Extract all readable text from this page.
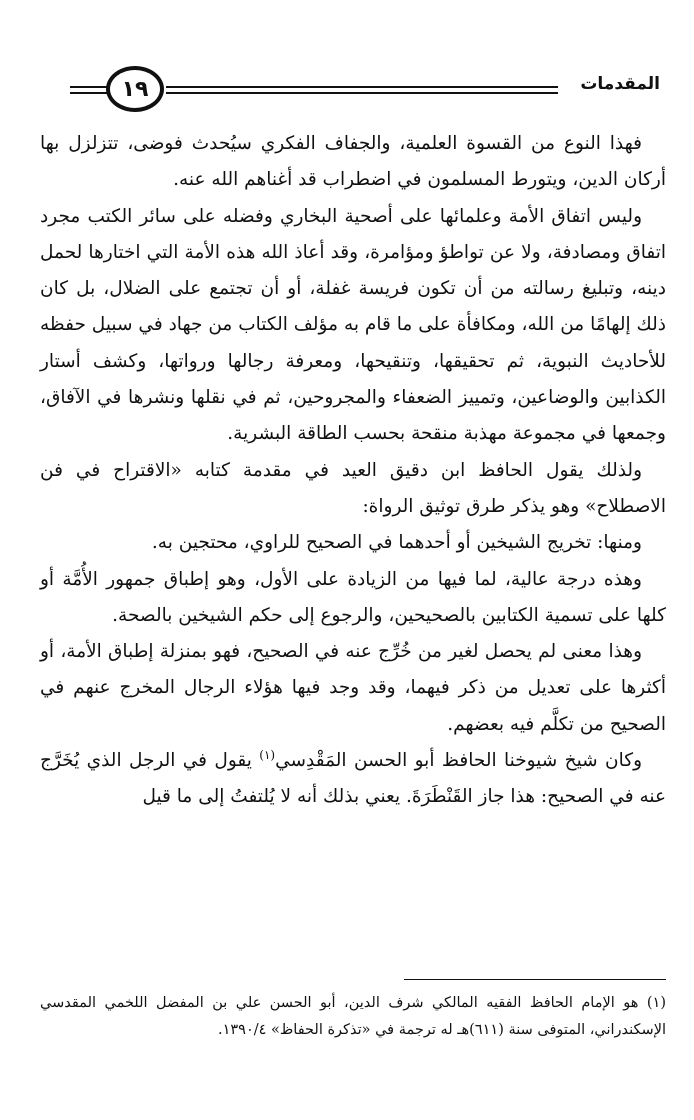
١٩	المقدمات

فهذا النوع من القسوة العلمية، والجفاف الفكري سيُحدث فوضى، تتزلزل بها أركان الدين، ويتورط المسلمون في اضطراب قد أغناهم الله عنه.

وليس اتفاق الأمة وعلمائها على أصحية البخاري وفضله على سائر الكتب مجرد اتفاق ومصادفة، ولا عن تواطؤ ومؤامرة، وقد أعاذ الله هذه الأمة التي اختارها لحمل دينه، وتبليغ رسالته من أن تكون فريسة غفلة، أو أن تجتمع على الضلال، بل كان ذلك إلهامًا من الله، ومكافأة على ما قام به مؤلف الكتاب من جهاد في سبيل حفظه للأحاديث النبوية، ثم تحقيقها، وتنقيحها، ومعرفة رجالها ورواتها، وكشف أستار الكذابين والوضاعين، وتمييز الضعفاء والمجروحين، ثم في نقلها ونشرها في الآفاق، وجمعها في مجموعة مهذبة منقحة بحسب الطاقة البشرية.

ولذلك يقول الحافظ ابن دقيق العيد في مقدمة كتابه «الاقتراح في فن الاصطلاح» وهو يذكر طرق توثيق الرواة:

ومنها: تخريج الشيخين أو أحدهما في الصحيح للراوي، محتجين به.

وهذه درجة عالية، لما فيها من الزيادة على الأول، وهو إطباق جمهور الأُمَّة أو كلها على تسمية الكتابين بالصحيحين، والرجوع إلى حكم الشيخين بالصحة.

وهذا معنى لم يحصل لغير من خُرِّج عنه في الصحيح، فهو بمنزلة إطباق الأمة، أو أكثرها على تعديل من ذكر فيهما، وقد وجد فيها هؤلاء الرجال المخرج عنهم في الصحيح من تكلَّم فيه بعضهم.

وكان شيخ شيوخنا الحافظ أبو الحسن المَقْدِسي$^{(١)}$ يقول في الرجل الذي يُخَرَّج عنه في الصحيح: هذا جاز القَنْطَرَةَ. يعني بذلك أنه لا يُلتفتُ إلى ما قيل

(١) هو الإمام الحافظ الفقيه المالكي شرف الدين، أبو الحسن علي بن المفضل اللخمي المقدسي الإسكندراني، المتوفى سنة (٦١١)هـ له ترجمة في «تذكرة الحفاظ» ١٣٩٠/٤.
